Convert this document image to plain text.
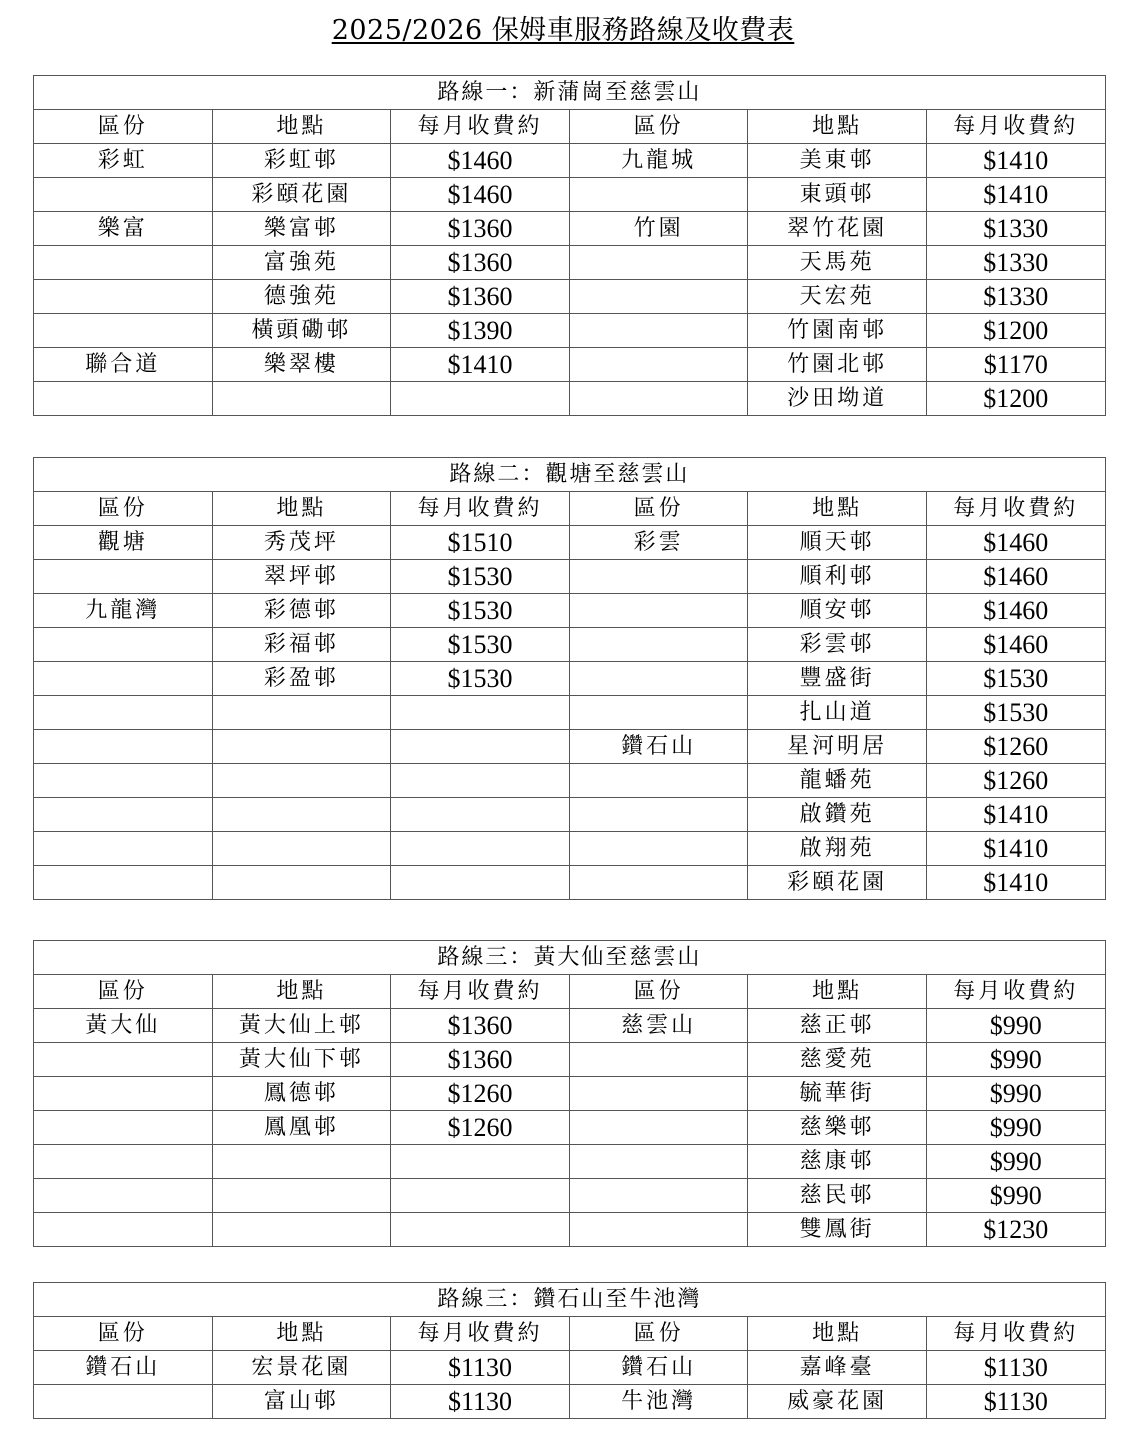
2025/2026 保姆車服務路線及收費表
路線一：新蒲崗至慈雲山					
區份	地點	每月收費約	區份	地點	每月收費約
彩虹	彩虹邨	$1460	九龍城	美東邨	$1410
	彩頤花園	$1460		東頭邨	$1410
樂富	樂富邨	$1360	竹園	翠竹花園	$1330
	富強苑	$1360		天馬苑	$1330
	德強苑	$1360		天宏苑	$1330
	橫頭磡邨	$1390		竹園南邨	$1200
聯合道	樂翠樓	$1410		竹園北邨	$1170
				沙田坳道	$1200
路線二：觀塘至慈雲山					
區份	地點	每月收費約	區份	地點	每月收費約
觀塘	秀茂坪	$1510	彩雲	順天邨	$1460
	翠坪邨	$1530		順利邨	$1460
九龍灣	彩德邨	$1530		順安邨	$1460
	彩福邨	$1530		彩雲邨	$1460
	彩盈邨	$1530		豐盛街	$1530
				扎山道	$1530
			鑽石山	星河明居	$1260
				龍蟠苑	$1260
				啟鑽苑	$1410
				啟翔苑	$1410
				彩頤花園	$1410
路線三：黃大仙至慈雲山					
區份	地點	每月收費約	區份	地點	每月收費約
黃大仙	黃大仙上邨	$1360	慈雲山	慈正邨	$990
	黃大仙下邨	$1360		慈愛苑	$990
	鳳德邨	$1260		毓華街	$990
	鳳凰邨	$1260		慈樂邨	$990
				慈康邨	$990
				慈民邨	$990
				雙鳳街	$1230
路線三：鑽石山至牛池灣					
區份	地點	每月收費約	區份	地點	每月收費約
鑽石山	宏景花園	$1130	鑽石山	嘉峰臺	$1130
	富山邨	$1130	牛池灣	威豪花園	$1130
